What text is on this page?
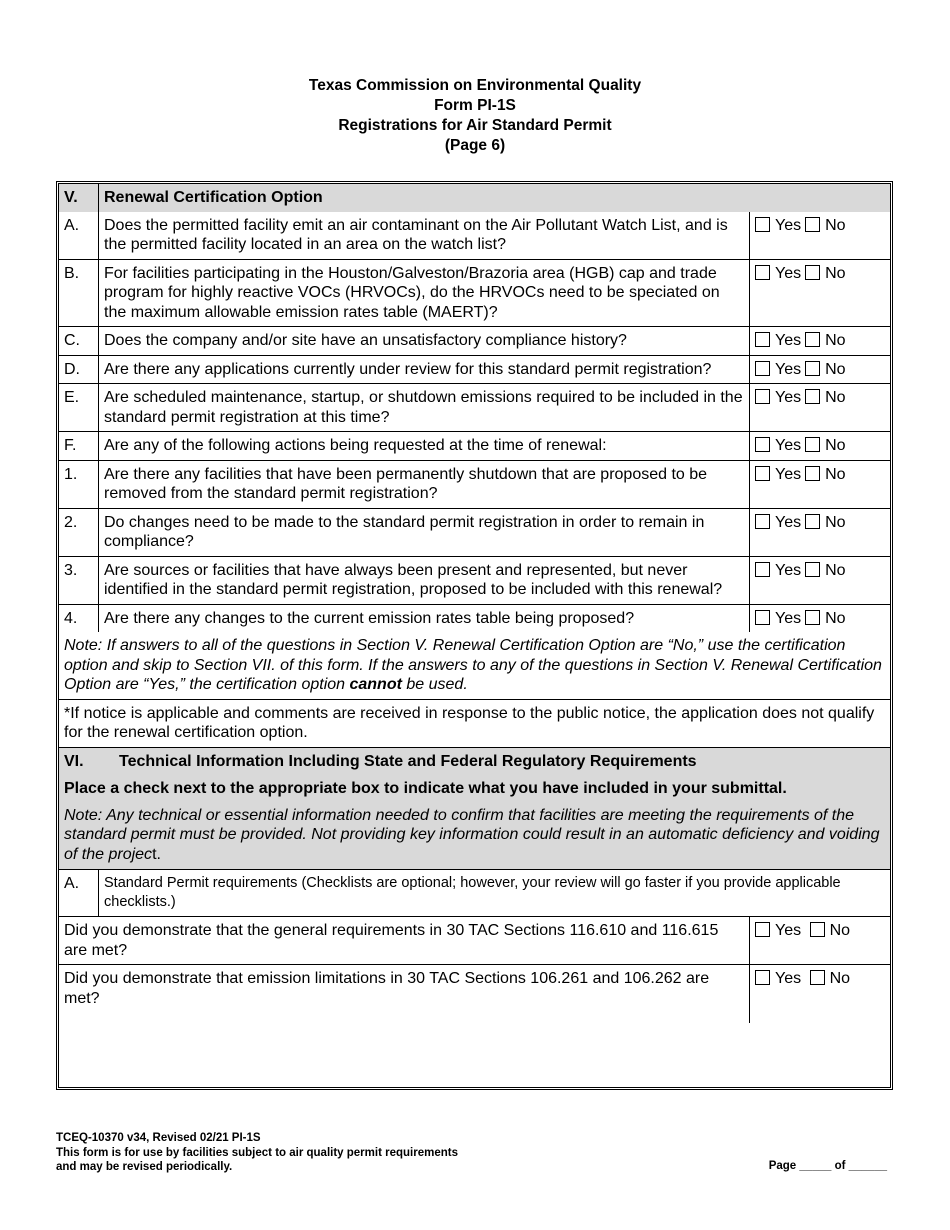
Texas Commission on Environmental Quality
Form PI-1S
Registrations for Air Standard Permit
(Page 6)
V.	Renewal Certification Option	
A.	Does the permitted facility emit an air contaminant on the Air Pollutant Watch List, and is the permitted facility located in an area on the watch list?	Yes No
B.	For facilities participating in the Houston/Galveston/Brazoria area (HGB) cap and trade program for highly reactive VOCs (HRVOCs), do the HRVOCs need to be speciated on the maximum allowable emission rates table (MAERT)?	Yes No
C.	Does the company and/or site have an unsatisfactory compliance history?	Yes No
D.	Are there any applications currently under review for this standard permit registration?	Yes No
E.	Are scheduled maintenance, startup, or shutdown emissions required to be included in the standard permit registration at this time?	Yes No
F.	Are any of the following actions being requested at the time of renewal:	Yes No
1.	Are there any facilities that have been permanently shutdown that are proposed to be removed from the standard permit registration?	Yes No
2.	Do changes need to be made to the standard permit registration in order to remain in compliance?	Yes No
3.	Are sources or facilities that have always been present and represented, but never identified in the standard permit registration, proposed to be included with this renewal?	Yes No
4.	Are there any changes to the current emission rates table being proposed?	Yes No
Note: If answers to all of the questions in Section V. Renewal Certification Option are “No,” use the certification option and skip to Section VII. of this form. If the answers to any of the questions in Section V. Renewal Certification Option are “Yes,” the certification option cannot be used.		
*If notice is applicable and comments are received in response to the public notice, the application does not qualify for the renewal certification option.		

VI. Technical Information Including State and Federal Regulatory Requirements
Place a check next to the appropriate box to indicate what you have included in your submittal.
Note: Any technical or essential information needed to confirm that facilities are meeting the requirements of the standard permit must be provided. Not providing key information could result in an automatic deficiency and voiding of the project.		

A.	Standard Permit requirements (Checklists are optional; however, your review will go faster if you provide applicable checklists.)	
Did you demonstrate that the general requirements in 30 TAC Sections 116.610 and 116.615 are met?		Yes No
Did you demonstrate that emission limitations in 30 TAC Sections 106.261 and 106.262 are met?		Yes No
TCEQ-10370 v34, Revised 02/21 PI-1S
This form is for use by facilities subject to air quality permit requirements
and may be revised periodically.	Page _____ of ______
